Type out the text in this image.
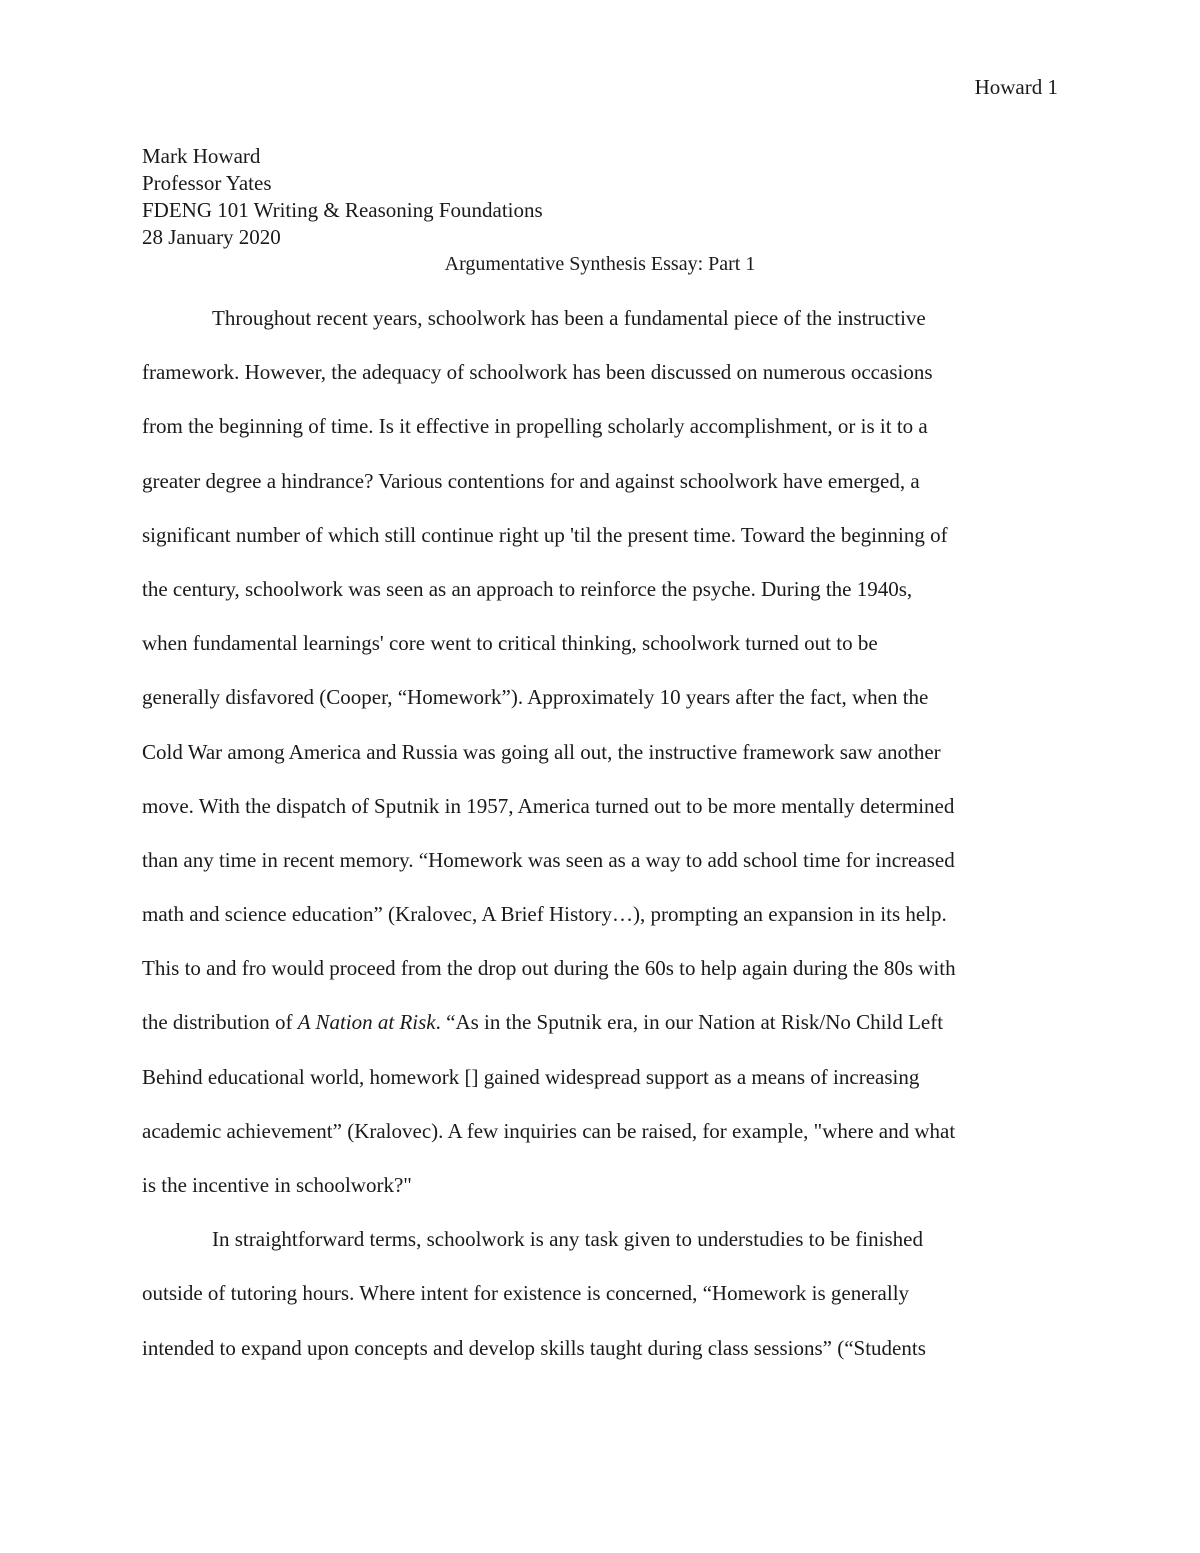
Howard 1
Mark Howard
Professor Yates
FDENG 101 Writing & Reasoning Foundations
28 January 2020
Argumentative Synthesis Essay: Part 1
Throughout recent years, schoolwork has been a fundamental piece of the instructive
framework. However, the adequacy of schoolwork has been discussed on numerous occasions
from the beginning of time. Is it effective in propelling scholarly accomplishment, or is it to a
greater degree a hindrance? Various contentions for and against schoolwork have emerged, a
significant number of which still continue right up 'til the present time. Toward the beginning of
the century, schoolwork was seen as an approach to reinforce the psyche. During the 1940s,
when fundamental learnings' core went to critical thinking, schoolwork turned out to be
generally disfavored (Cooper, “Homework”). Approximately 10 years after the fact, when the
Cold War among America and Russia was going all out, the instructive framework saw another
move. With the dispatch of Sputnik in 1957, America turned out to be more mentally determined
than any time in recent memory. “Homework was seen as a way to add school time for increased
math and science education” (Kralovec, A Brief History…), prompting an expansion in its help.
This to and fro would proceed from the drop out during the 60s to help again during the 80s with
the distribution of A Nation at Risk. “As in the Sputnik era, in our Nation at Risk/No Child Left
Behind educational world, homework [] gained widespread support as a means of increasing
academic achievement” (Kralovec). A few inquiries can be raised, for example, "where and what
is the incentive in schoolwork?"
In straightforward terms, schoolwork is any task given to understudies to be finished
outside of tutoring hours. Where intent for existence is concerned, “Homework is generally
intended to expand upon concepts and develop skills taught during class sessions” (“Students
